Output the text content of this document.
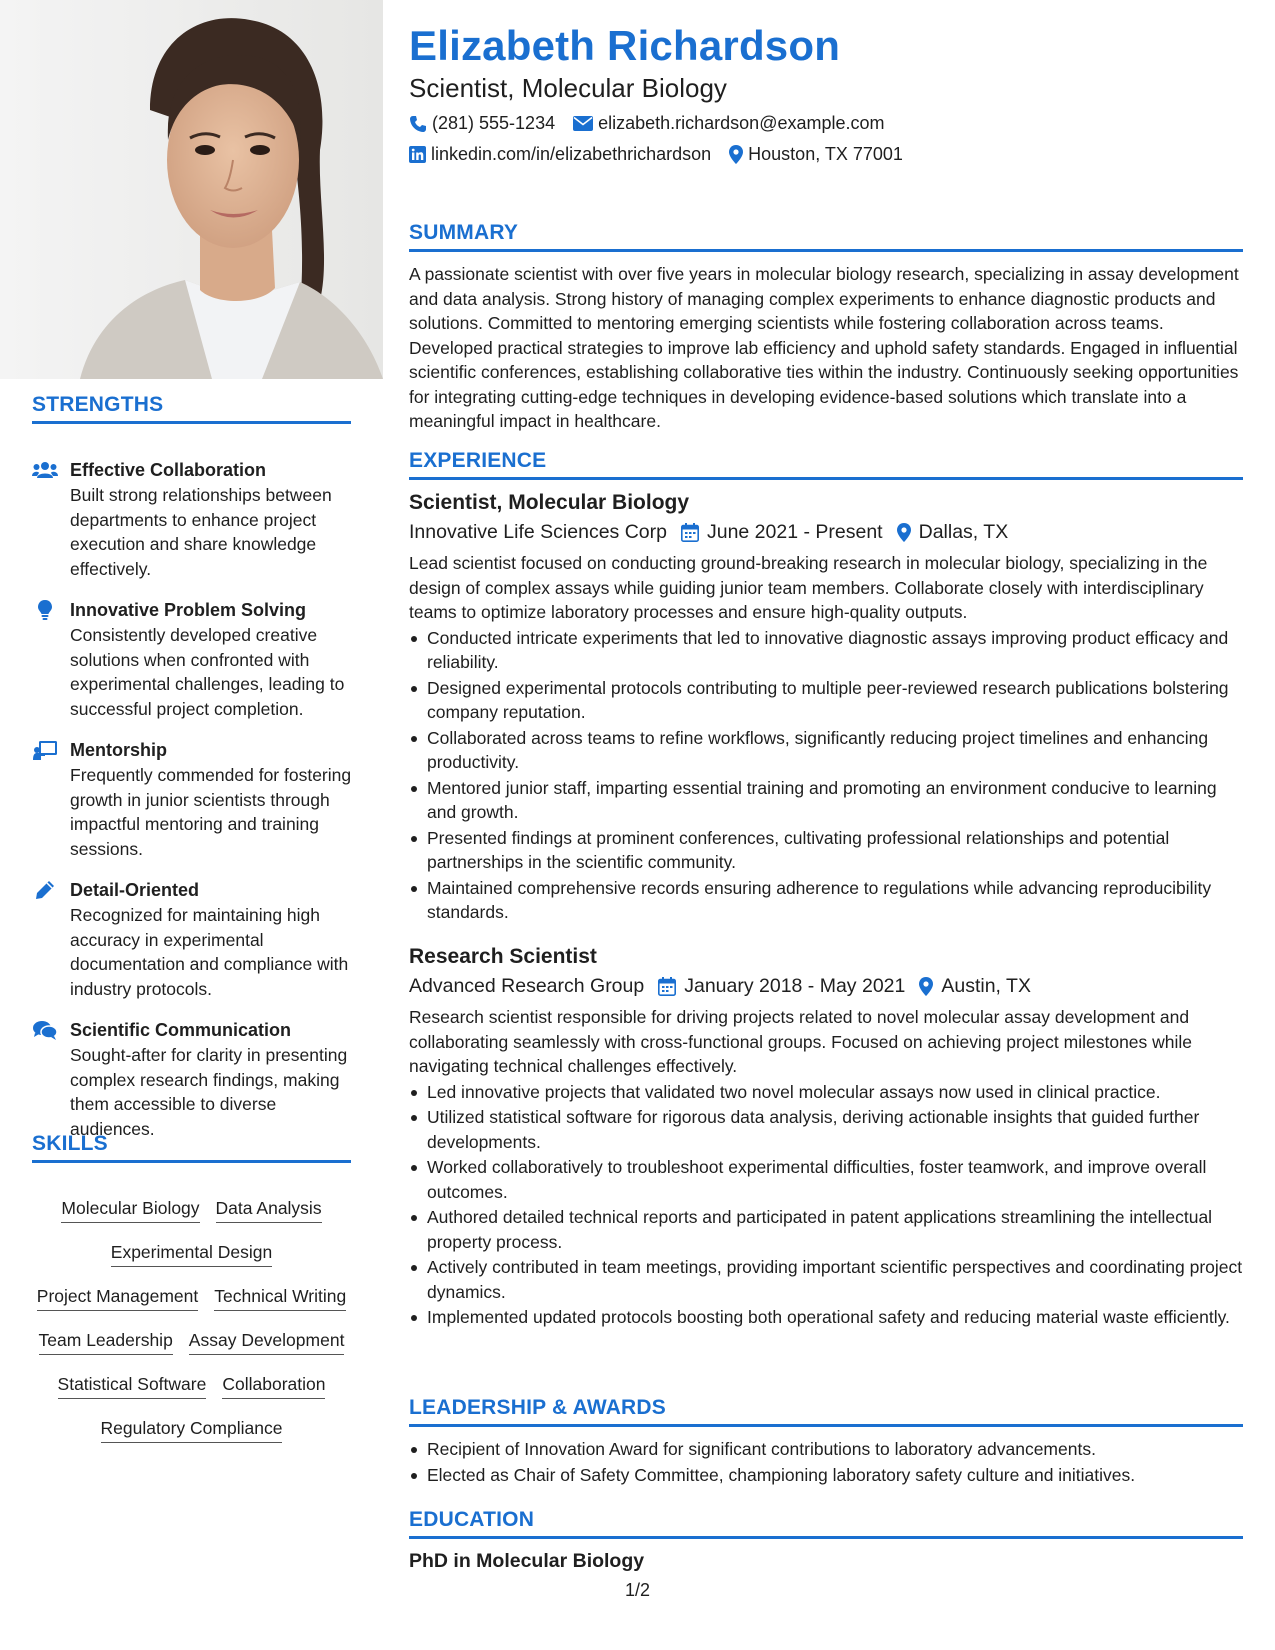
STRENGTHS
Effective Collaboration
Built strong relationships between departments to enhance project execution and share knowledge effectively.
Innovative Problem Solving
Consistently developed creative solutions when confronted with experimental challenges, leading to successful project completion.
Mentorship
Frequently commended for fostering growth in junior scientists through impactful mentoring and training sessions.
Detail-Oriented
Recognized for maintaining high accuracy in experimental documentation and compliance with industry protocols.
Scientific Communication
Sought-after for clarity in presenting complex research findings, making them accessible to diverse audiences.
SKILLS
Molecular Biology Data Analysis
Experimental Design
Project Management Technical Writing
Team Leadership Assay Development
Statistical Software Collaboration
Regulatory Compliance
Elizabeth Richardson
Scientist, Molecular Biology
(281) 555-1234 elizabeth.richardson@example.com
linkedin.com/in/elizabethrichardson Houston, TX 77001
SUMMARY
A passionate scientist with over five years in molecular biology research, specializing in assay development and data analysis. Strong history of managing complex experiments to enhance diagnostic products and solutions. Committed to mentoring emerging scientists while fostering collaboration across teams. Developed practical strategies to improve lab efficiency and uphold safety standards. Engaged in influential scientific conferences, establishing collaborative ties within the industry. Continuously seeking opportunities for integrating cutting-edge techniques in developing evidence-based solutions which translate into a meaningful impact in healthcare.
EXPERIENCE
Scientist, Molecular Biology
Innovative Life Sciences Corp June 2021 - Present Dallas, TX
Lead scientist focused on conducting ground-breaking research in molecular biology, specializing in the design of complex assays while guiding junior team members. Collaborate closely with interdisciplinary teams to optimize laboratory processes and ensure high-quality outputs.
Conducted intricate experiments that led to innovative diagnostic assays improving product efficacy and reliability.
Designed experimental protocols contributing to multiple peer-reviewed research publications bolstering company reputation.
Collaborated across teams to refine workflows, significantly reducing project timelines and enhancing productivity.
Mentored junior staff, imparting essential training and promoting an environment conducive to learning and growth.
Presented findings at prominent conferences, cultivating professional relationships and potential partnerships in the scientific community.
Maintained comprehensive records ensuring adherence to regulations while advancing reproducibility standards.
Research Scientist
Advanced Research Group January 2018 - May 2021 Austin, TX
Research scientist responsible for driving projects related to novel molecular assay development and collaborating seamlessly with cross-functional groups. Focused on achieving project milestones while navigating technical challenges effectively.
Led innovative projects that validated two novel molecular assays now used in clinical practice.
Utilized statistical software for rigorous data analysis, deriving actionable insights that guided further developments.
Worked collaboratively to troubleshoot experimental difficulties, foster teamwork, and improve overall outcomes.
Authored detailed technical reports and participated in patent applications streamlining the intellectual property process.
Actively contributed in team meetings, providing important scientific perspectives and coordinating project dynamics.
Implemented updated protocols boosting both operational safety and reducing material waste efficiently.
LEADERSHIP & AWARDS
Recipient of Innovation Award for significant contributions to laboratory advancements.
Elected as Chair of Safety Committee, championing laboratory safety culture and initiatives.
EDUCATION
PhD in Molecular Biology
1/2
